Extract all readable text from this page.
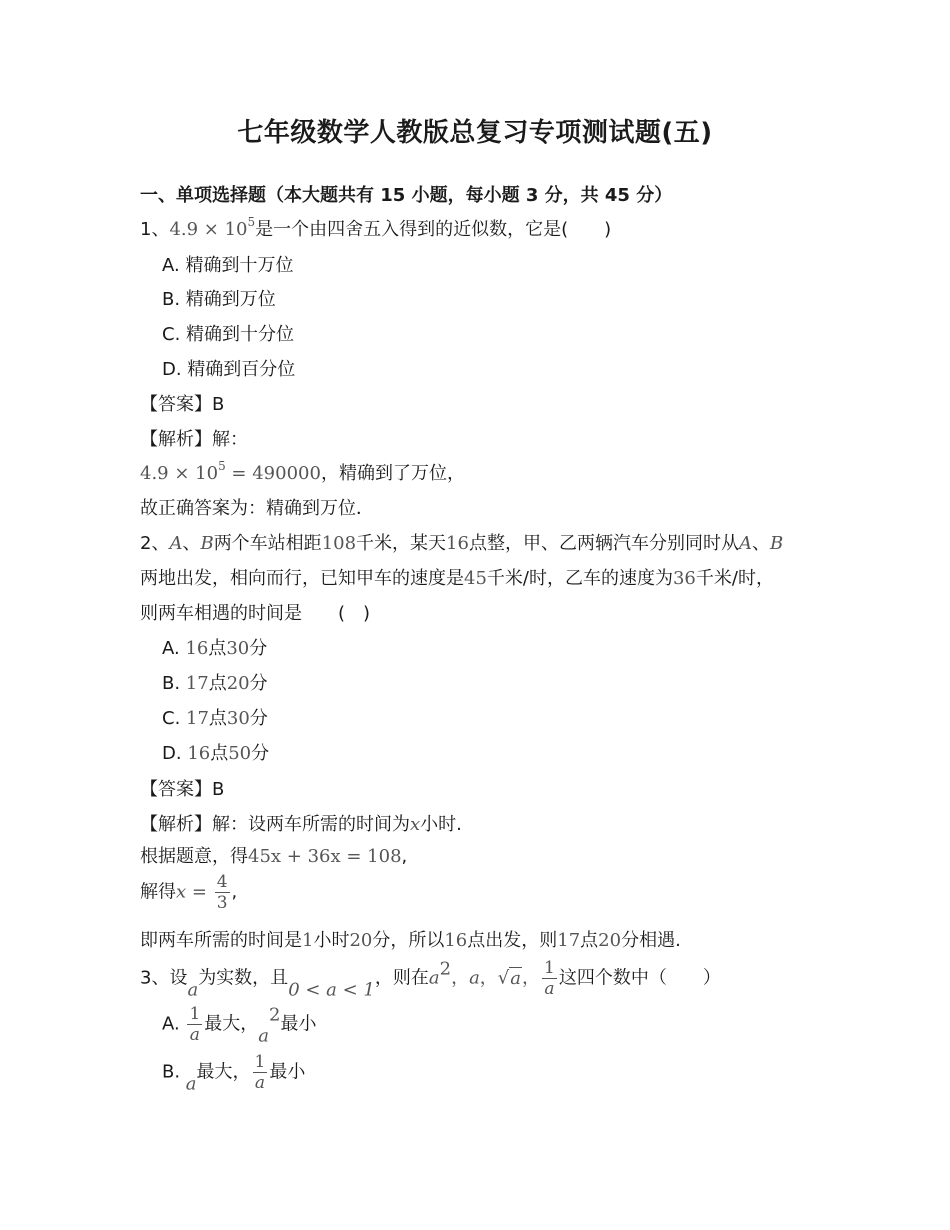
七年级数学人教版总复习专项测试题(五)
一、单项选择题（本大题共有 15 小题，每小题 3 分，共 45 分）
1、$4.9 \times 10^5$是一个由四舍五入得到的近似数，它是(　　)
A. 精确到十万位
B. 精确到万位
C. 精确到十分位
D. 精确到百分位
【答案】B
【解析】解：
$4.9 \times 10^5 = 490000$，精确到了万位，
故正确答案为：精确到万位．
2、A、B两个车站相距108千米，某天16点整，甲、乙两辆汽车分别同时从A、B
两地出发，相向而行，已知甲车的速度是45千米/时，乙车的速度为36千米/时，
则两车相遇的时间是　　(　)
A. 16点30分
B. 17点20分
C. 17点30分
D. 16点50分
【答案】B
【解析】解：设两车所需的时间为x小时.
根据题意，得45x + 36x = 108,
解得$x = \frac{4}{3}$ ,
即两车所需的时间是1小时20分，所以16点出发，则17点20分相遇.
3、设a为实数，且0 < a < 1，则在$a^2$，a，√a， $\frac{1}{a}$ 这四个数中（　　）
A. $\frac{1}{a}$ 最大，$a^2$最小
B. a最大， $\frac{1}{a}$ 最小
